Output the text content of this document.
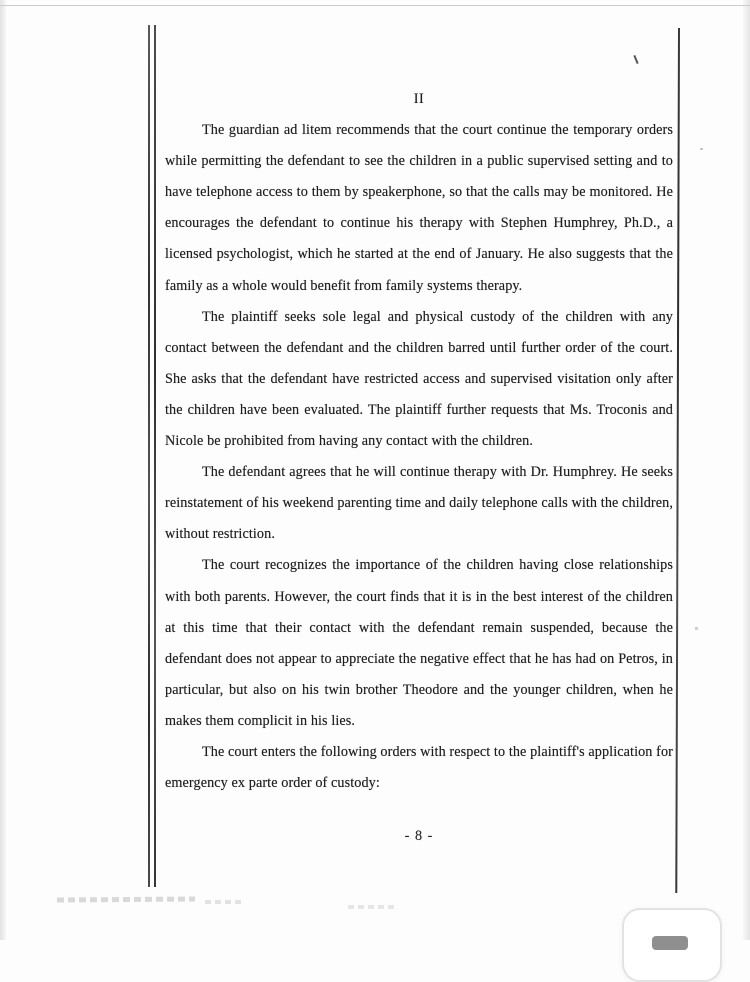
II

The guardian ad litem recommends that the court continue the temporary orders while permitting the defendant to see the children in a public supervised setting and to have telephone access to them by speakerphone, so that the calls may be monitored. He encourages the defendant to continue his therapy with Stephen Humphrey, Ph.D., a licensed psychologist, which he started at the end of January. He also suggests that the family as a whole would benefit from family systems therapy.

The plaintiff seeks sole legal and physical custody of the children with any contact between the defendant and the children barred until further order of the court. She asks that the defendant have restricted access and supervised visitation only after the children have been evaluated. The plaintiff further requests that Ms. Troconis and Nicole be prohibited from having any contact with the children.

The defendant agrees that he will continue therapy with Dr. Humphrey. He seeks reinstatement of his weekend parenting time and daily telephone calls with the children, without restriction.

The court recognizes the importance of the children having close relationships with both parents. However, the court finds that it is in the best interest of the children at this time that their contact with the defendant remain suspended, because the defendant does not appear to appreciate the negative effect that he has had on Petros, in particular, but also on his twin brother Theodore and the younger children, when he makes them complicit in his lies.

The court enters the following orders with respect to the plaintiff's application for emergency ex parte order of custody:

- 8 -
